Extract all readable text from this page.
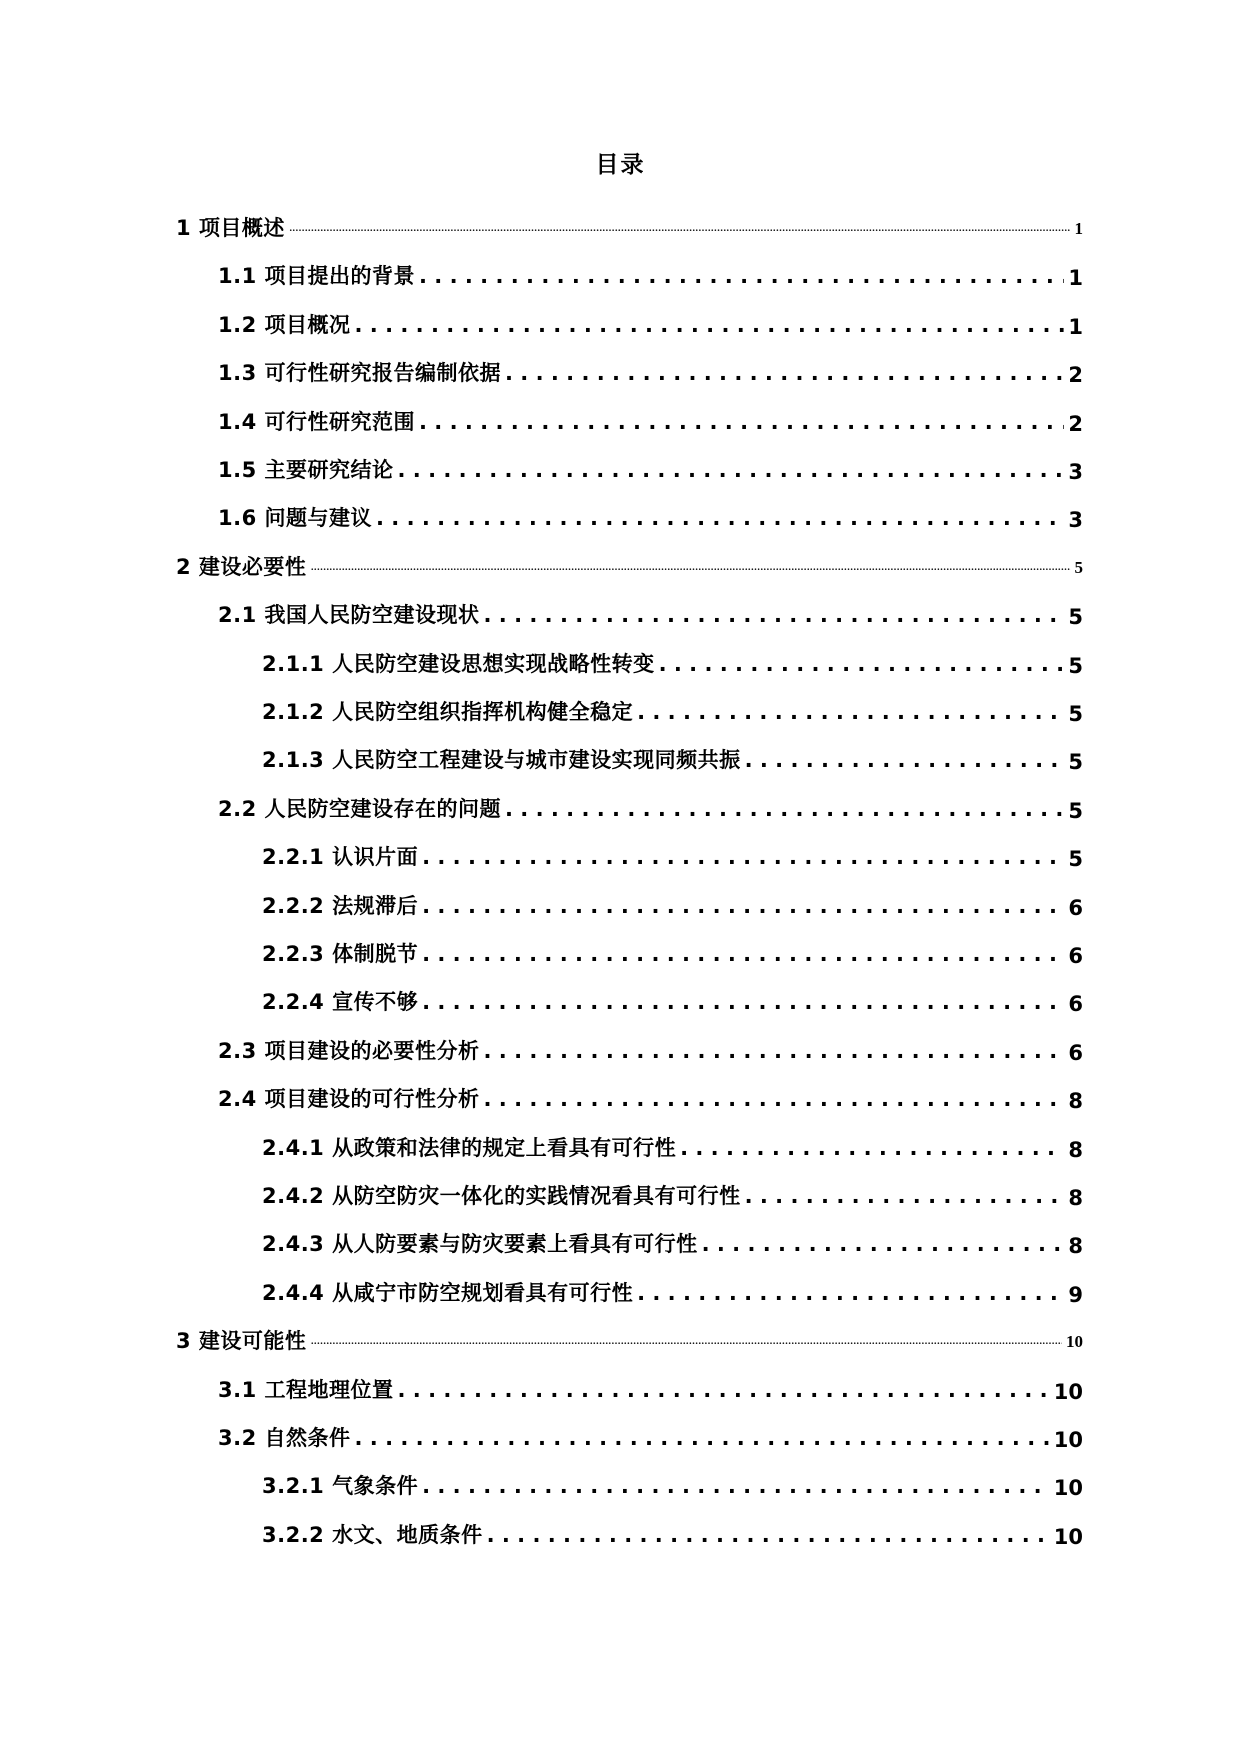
目录
1 项目概述 .....	1
1.1 项目提出的背景 . . .	1
1.2 项目概况 . . .	1
1.3 可行性研究报告编制依据 . . .	2
1.4 可行性研究范围 . . .	2
1.5 主要研究结论 . . .	3
1.6 问题与建议 . . .	3
2 建设必要性 .....	5
2.1 我国人民防空建设现状 . . .	5
2.1.1 人民防空建设思想实现战略性转变 . . .	5
2.1.2 人民防空组织指挥机构健全稳定 . . .	5
2.1.3 人民防空工程建设与城市建设实现同频共振 . . .	5
2.2 人民防空建设存在的问题 . . .	5
2.2.1 认识片面 . . .	5
2.2.2 法规滞后 . . .	6
2.2.3 体制脱节 . . .	6
2.2.4 宣传不够 . . .	6
2.3 项目建设的必要性分析 . . .	6
2.4 项目建设的可行性分析 . . .	8
2.4.1 从政策和法律的规定上看具有可行性 . . .	8
2.4.2 从防空防灾一体化的实践情况看具有可行性 . . .	8
2.4.3 从人防要素与防灾要素上看具有可行性 . . .	8
2.4.4 从咸宁市防空规划看具有可行性 . . .	9
3 建设可能性 .....	10
3.1 工程地理位置 . . .	10
3.2 自然条件 . . .	10
3.2.1 气象条件 . . .	10
3.2.2 水文、地质条件 . . .	10
